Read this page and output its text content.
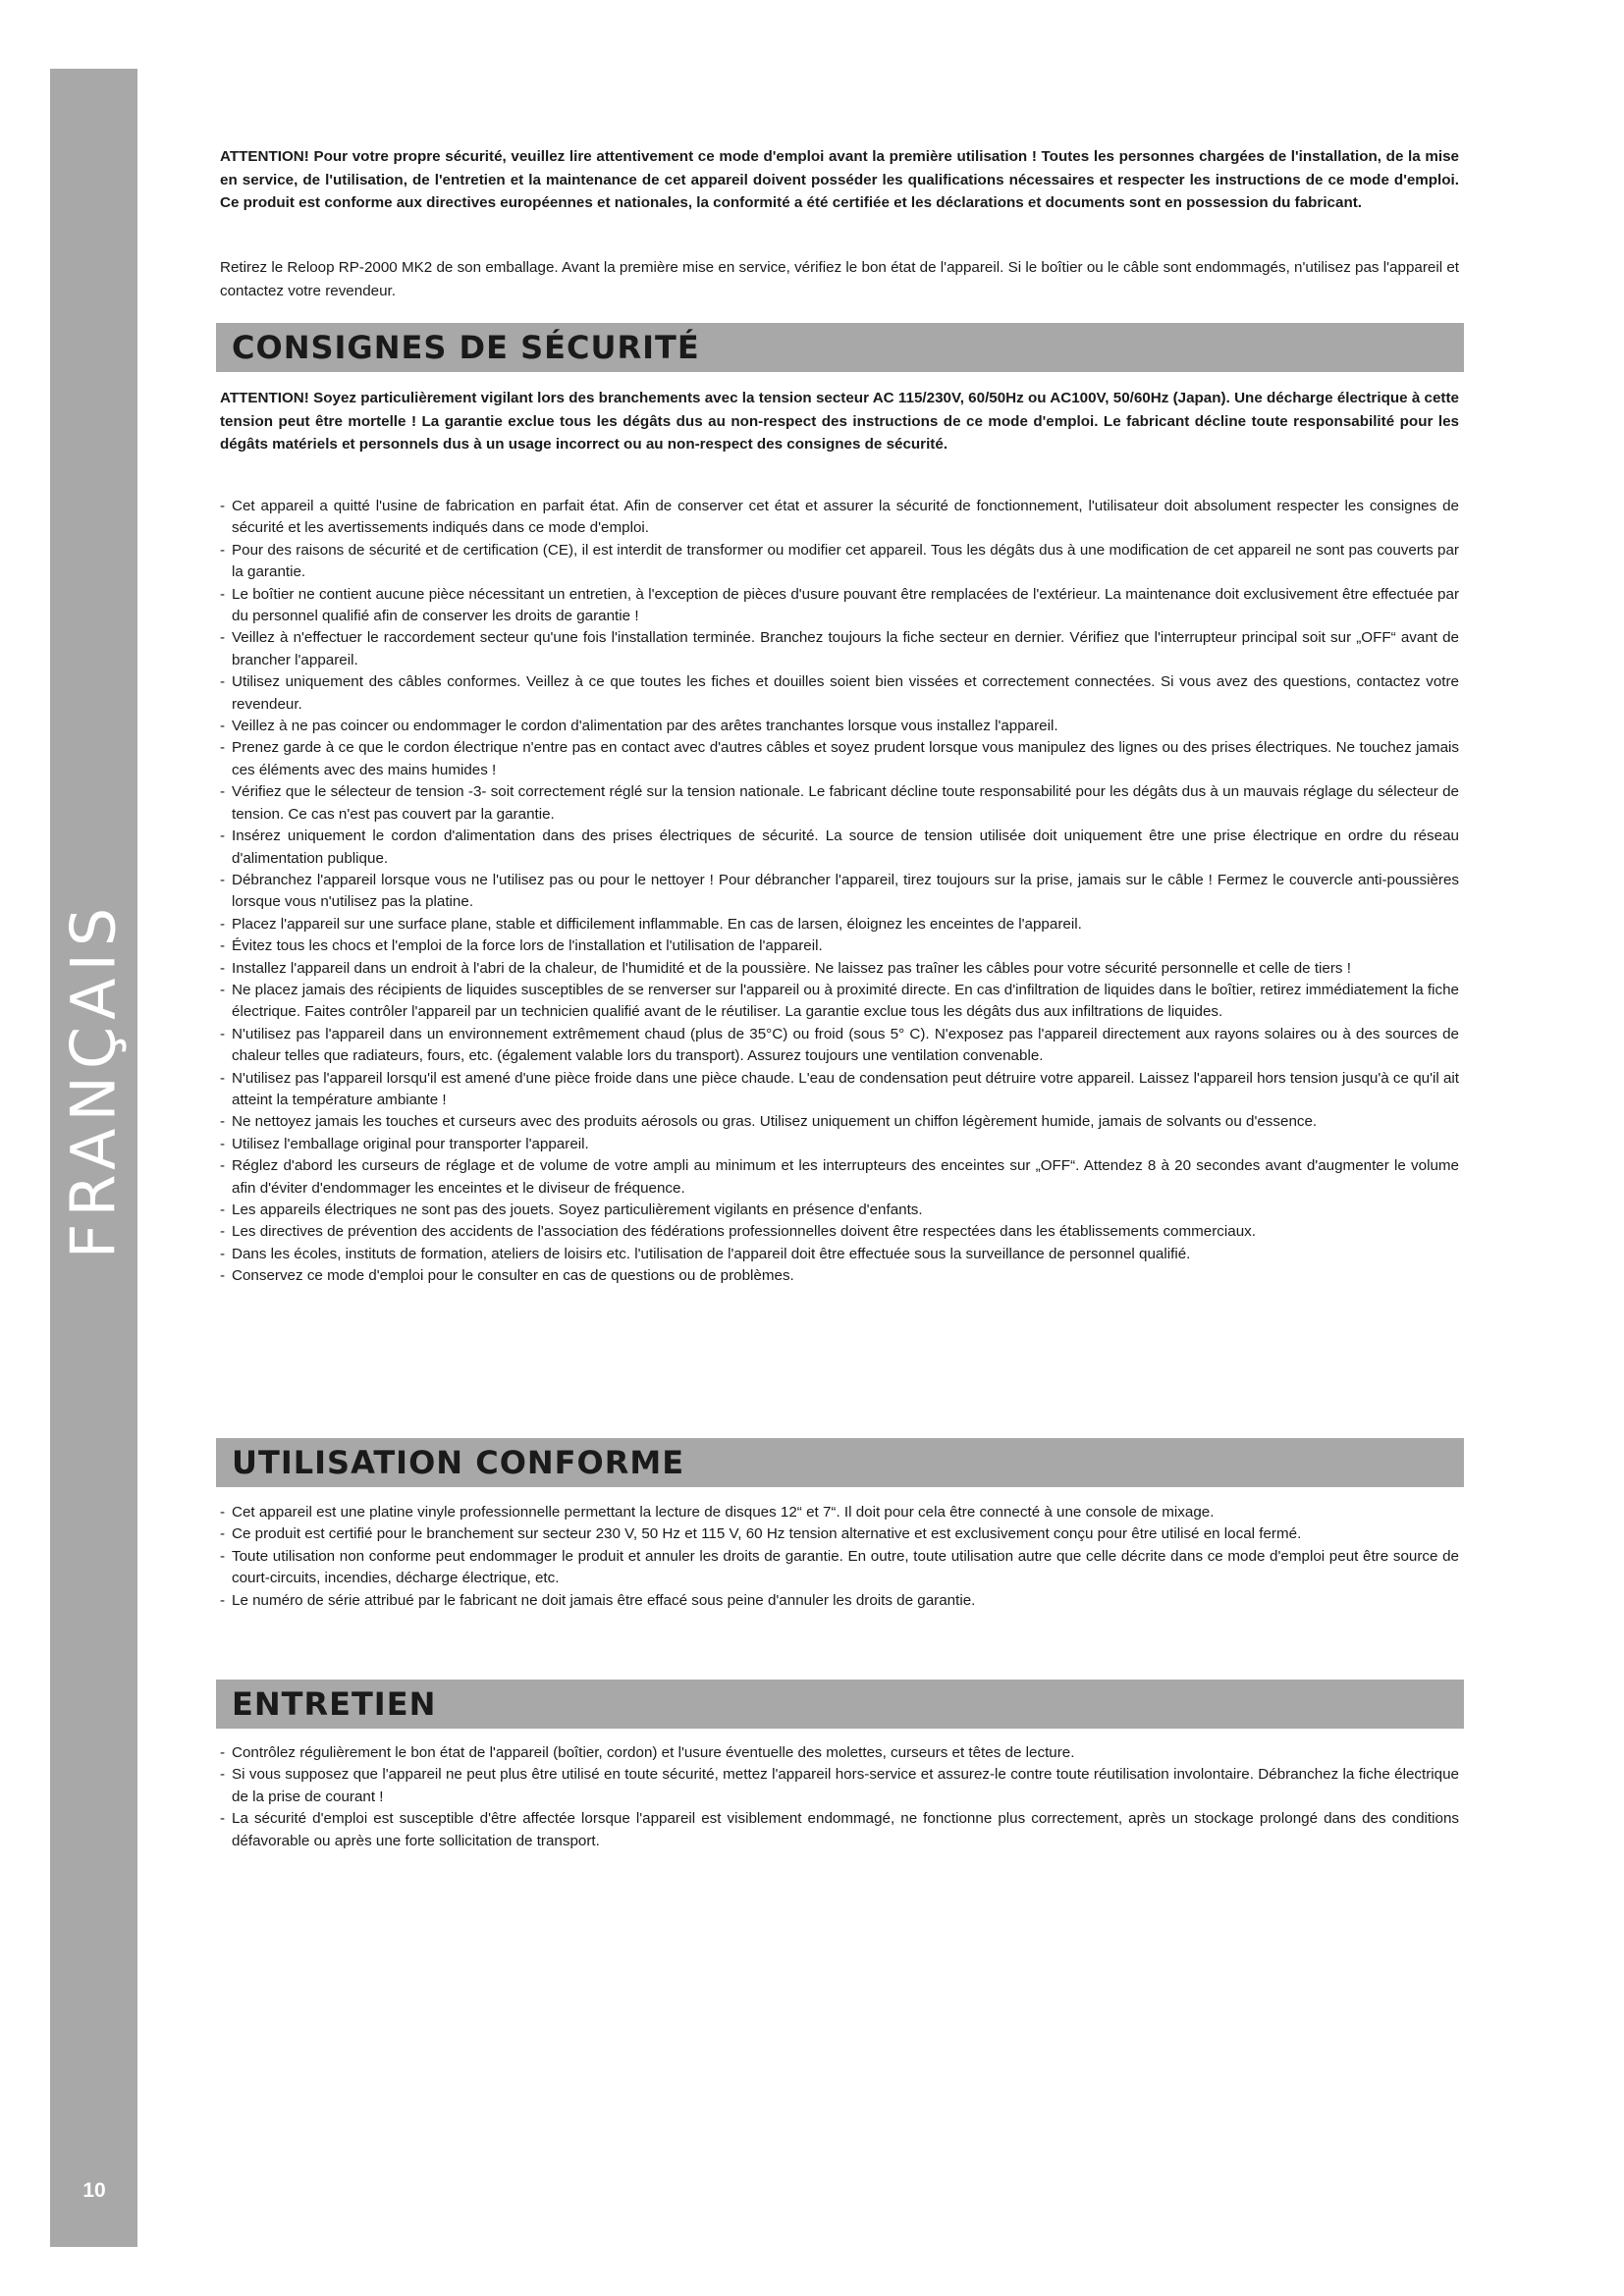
FRANÇAIS
10

ATTENTION! Pour votre propre sécurité, veuillez lire attentivement ce mode d'emploi avant la première utilisation ! Toutes les personnes chargées de l'installation, de la mise en service, de l'utilisation, de l'entretien et la maintenance de cet appareil doivent posséder les qualifications nécessaires et respecter les instructions de ce mode d'emploi. Ce produit est conforme aux directives européennes et nationales, la conformité a été certifiée et les déclarations et documents sont en possession du fabricant.

Retirez le Reloop RP-2000 MK2 de son emballage. Avant la première mise en service, vérifiez le bon état de l'appareil. Si le boîtier ou le câble sont endommagés, n'utilisez pas l'appareil et contactez votre revendeur.

CONSIGNES DE SÉCURITÉ

ATTENTION! Soyez particulièrement vigilant lors des branchements avec la tension secteur AC 115/230V, 60/50Hz ou AC100V, 50/60Hz (Japan). Une décharge électrique à cette tension peut être mortelle ! La garantie exclue tous les dégâts dus au non-respect des instructions de ce mode d'emploi. Le fabricant décline toute responsabilité pour les dégâts matériels et personnels dus à un usage incorrect ou au non-respect des consignes de sécurité.

- Cet appareil a quitté l'usine de fabrication en parfait état. Afin de conserver cet état et assurer la sécurité de fonctionnement, l'utilisateur doit absolument respecter les consignes de sécurité et les avertissements indiqués dans ce mode d'emploi.
- Pour des raisons de sécurité et de certification (CE), il est interdit de transformer ou modifier cet appareil. Tous les dégâts dus à une modification de cet appareil ne sont pas couverts par la garantie.
- Le boîtier ne contient aucune pièce nécessitant un entretien, à l'exception de pièces d'usure pouvant être remplacées de l'extérieur. La maintenance doit exclusivement être effectuée par du personnel qualifié afin de conserver les droits de garantie !
- Veillez à n'effectuer le raccordement secteur qu'une fois l'installation terminée. Branchez toujours la fiche secteur en dernier. Vérifiez que l'interrupteur principal soit sur „OFF“ avant de brancher l'appareil.
- Utilisez uniquement des câbles conformes. Veillez à ce que toutes les fiches et douilles soient bien vissées et correctement connectées. Si vous avez des questions, contactez votre revendeur.
- Veillez à ne pas coincer ou endommager le cordon d'alimentation par des arêtes tranchantes lorsque vous installez l'appareil.
- Prenez garde à ce que le cordon électrique n'entre pas en contact avec d'autres câbles et soyez prudent lorsque vous manipulez des lignes ou des prises électriques. Ne touchez jamais ces éléments avec des mains humides !
- Vérifiez que le sélecteur de tension -3- soit correctement réglé sur la tension nationale. Le fabricant décline toute responsabilité pour les dégâts dus à un mauvais réglage du sélecteur de tension. Ce cas n'est pas couvert par la garantie.
- Insérez uniquement le cordon d'alimentation dans des prises électriques de sécurité. La source de tension utilisée doit uniquement être une prise électrique en ordre du réseau d'alimentation publique.
- Débranchez l'appareil lorsque vous ne l'utilisez pas ou pour le nettoyer ! Pour débrancher l'appareil, tirez toujours sur la prise, jamais sur le câble ! Fermez le couvercle anti-poussières lorsque vous n'utilisez pas la platine.
- Placez l'appareil sur une surface plane, stable et difficilement inflammable. En cas de larsen, éloignez les enceintes de l'appareil.
- Évitez tous les chocs et l'emploi de la force lors de l'installation et l'utilisation de l'appareil.
- Installez l'appareil dans un endroit à l'abri de la chaleur, de l'humidité et de la poussière. Ne laissez pas traîner les câbles pour votre sécurité personnelle et celle de tiers !
- Ne placez jamais des récipients de liquides susceptibles de se renverser sur l'appareil ou à proximité directe. En cas d'infiltration de liquides dans le boîtier, retirez immédiatement la fiche électrique. Faites contrôler l'appareil par un technicien qualifié avant de le réutiliser. La garantie exclue tous les dégâts dus aux infiltrations de liquides.
- N'utilisez pas l'appareil dans un environnement extrêmement chaud (plus de 35°C) ou froid (sous 5° C). N'exposez pas l'appareil directement aux rayons solaires ou à des sources de chaleur telles que radiateurs, fours, etc. (également valable lors du transport). Assurez toujours une ventilation convenable.
- N'utilisez pas l'appareil lorsqu'il est amené d'une pièce froide dans une pièce chaude. L'eau de condensation peut détruire votre appareil. Laissez l'appareil hors tension jusqu'à ce qu'il ait atteint la température ambiante !
- Ne nettoyez jamais les touches et curseurs avec des produits aérosols ou gras. Utilisez uniquement un chiffon légèrement humide, jamais de solvants ou d'essence.
- Utilisez l'emballage original pour transporter l'appareil.
- Réglez d'abord les curseurs de réglage et de volume de votre ampli au minimum et les interrupteurs des enceintes sur „OFF“. Attendez 8 à 20 secondes avant d'augmenter le volume afin d'éviter d'endommager les enceintes et le diviseur de fréquence.
- Les appareils électriques ne sont pas des jouets. Soyez particulièrement vigilants en présence d'enfants.
- Les directives de prévention des accidents de l'association des fédérations professionnelles doivent être respectées dans les établissements commerciaux.
- Dans les écoles, instituts de formation, ateliers de loisirs etc. l'utilisation de l'appareil doit être effectuée sous la surveillance de personnel qualifié.
- Conservez ce mode d'emploi pour le consulter en cas de questions ou de problèmes.
UTILISATION CONFORME
- Cet appareil est une platine vinyle professionnelle permettant la lecture de disques 12“ et 7“. Il doit pour cela être connecté à une console de mixage.
- Ce produit est certifié pour le branchement sur secteur 230 V, 50 Hz et 115 V, 60 Hz tension alternative et est exclusivement conçu pour être utilisé en local fermé.
- Toute utilisation non conforme peut endommager le produit et annuler les droits de garantie. En outre, toute utilisation autre que celle décrite dans ce mode d'emploi peut être source de court-circuits, incendies, décharge électrique, etc.
- Le numéro de série attribué par le fabricant ne doit jamais être effacé sous peine d'annuler les droits de garantie.
ENTRETIEN
- Contrôlez régulièrement le bon état de l'appareil (boîtier, cordon) et l'usure éventuelle des molettes, curseurs et têtes de lecture.
- Si vous supposez que l'appareil ne peut plus être utilisé en toute sécurité, mettez l'appareil hors-service et assurez-le contre toute réutilisation involontaire. Débranchez la fiche électrique de la prise de courant !
- La sécurité d'emploi est susceptible d'être affectée lorsque l'appareil est visiblement endommagé, ne fonctionne plus correctement, après un stockage prolongé dans des conditions défavorable ou après une forte sollicitation de transport.
